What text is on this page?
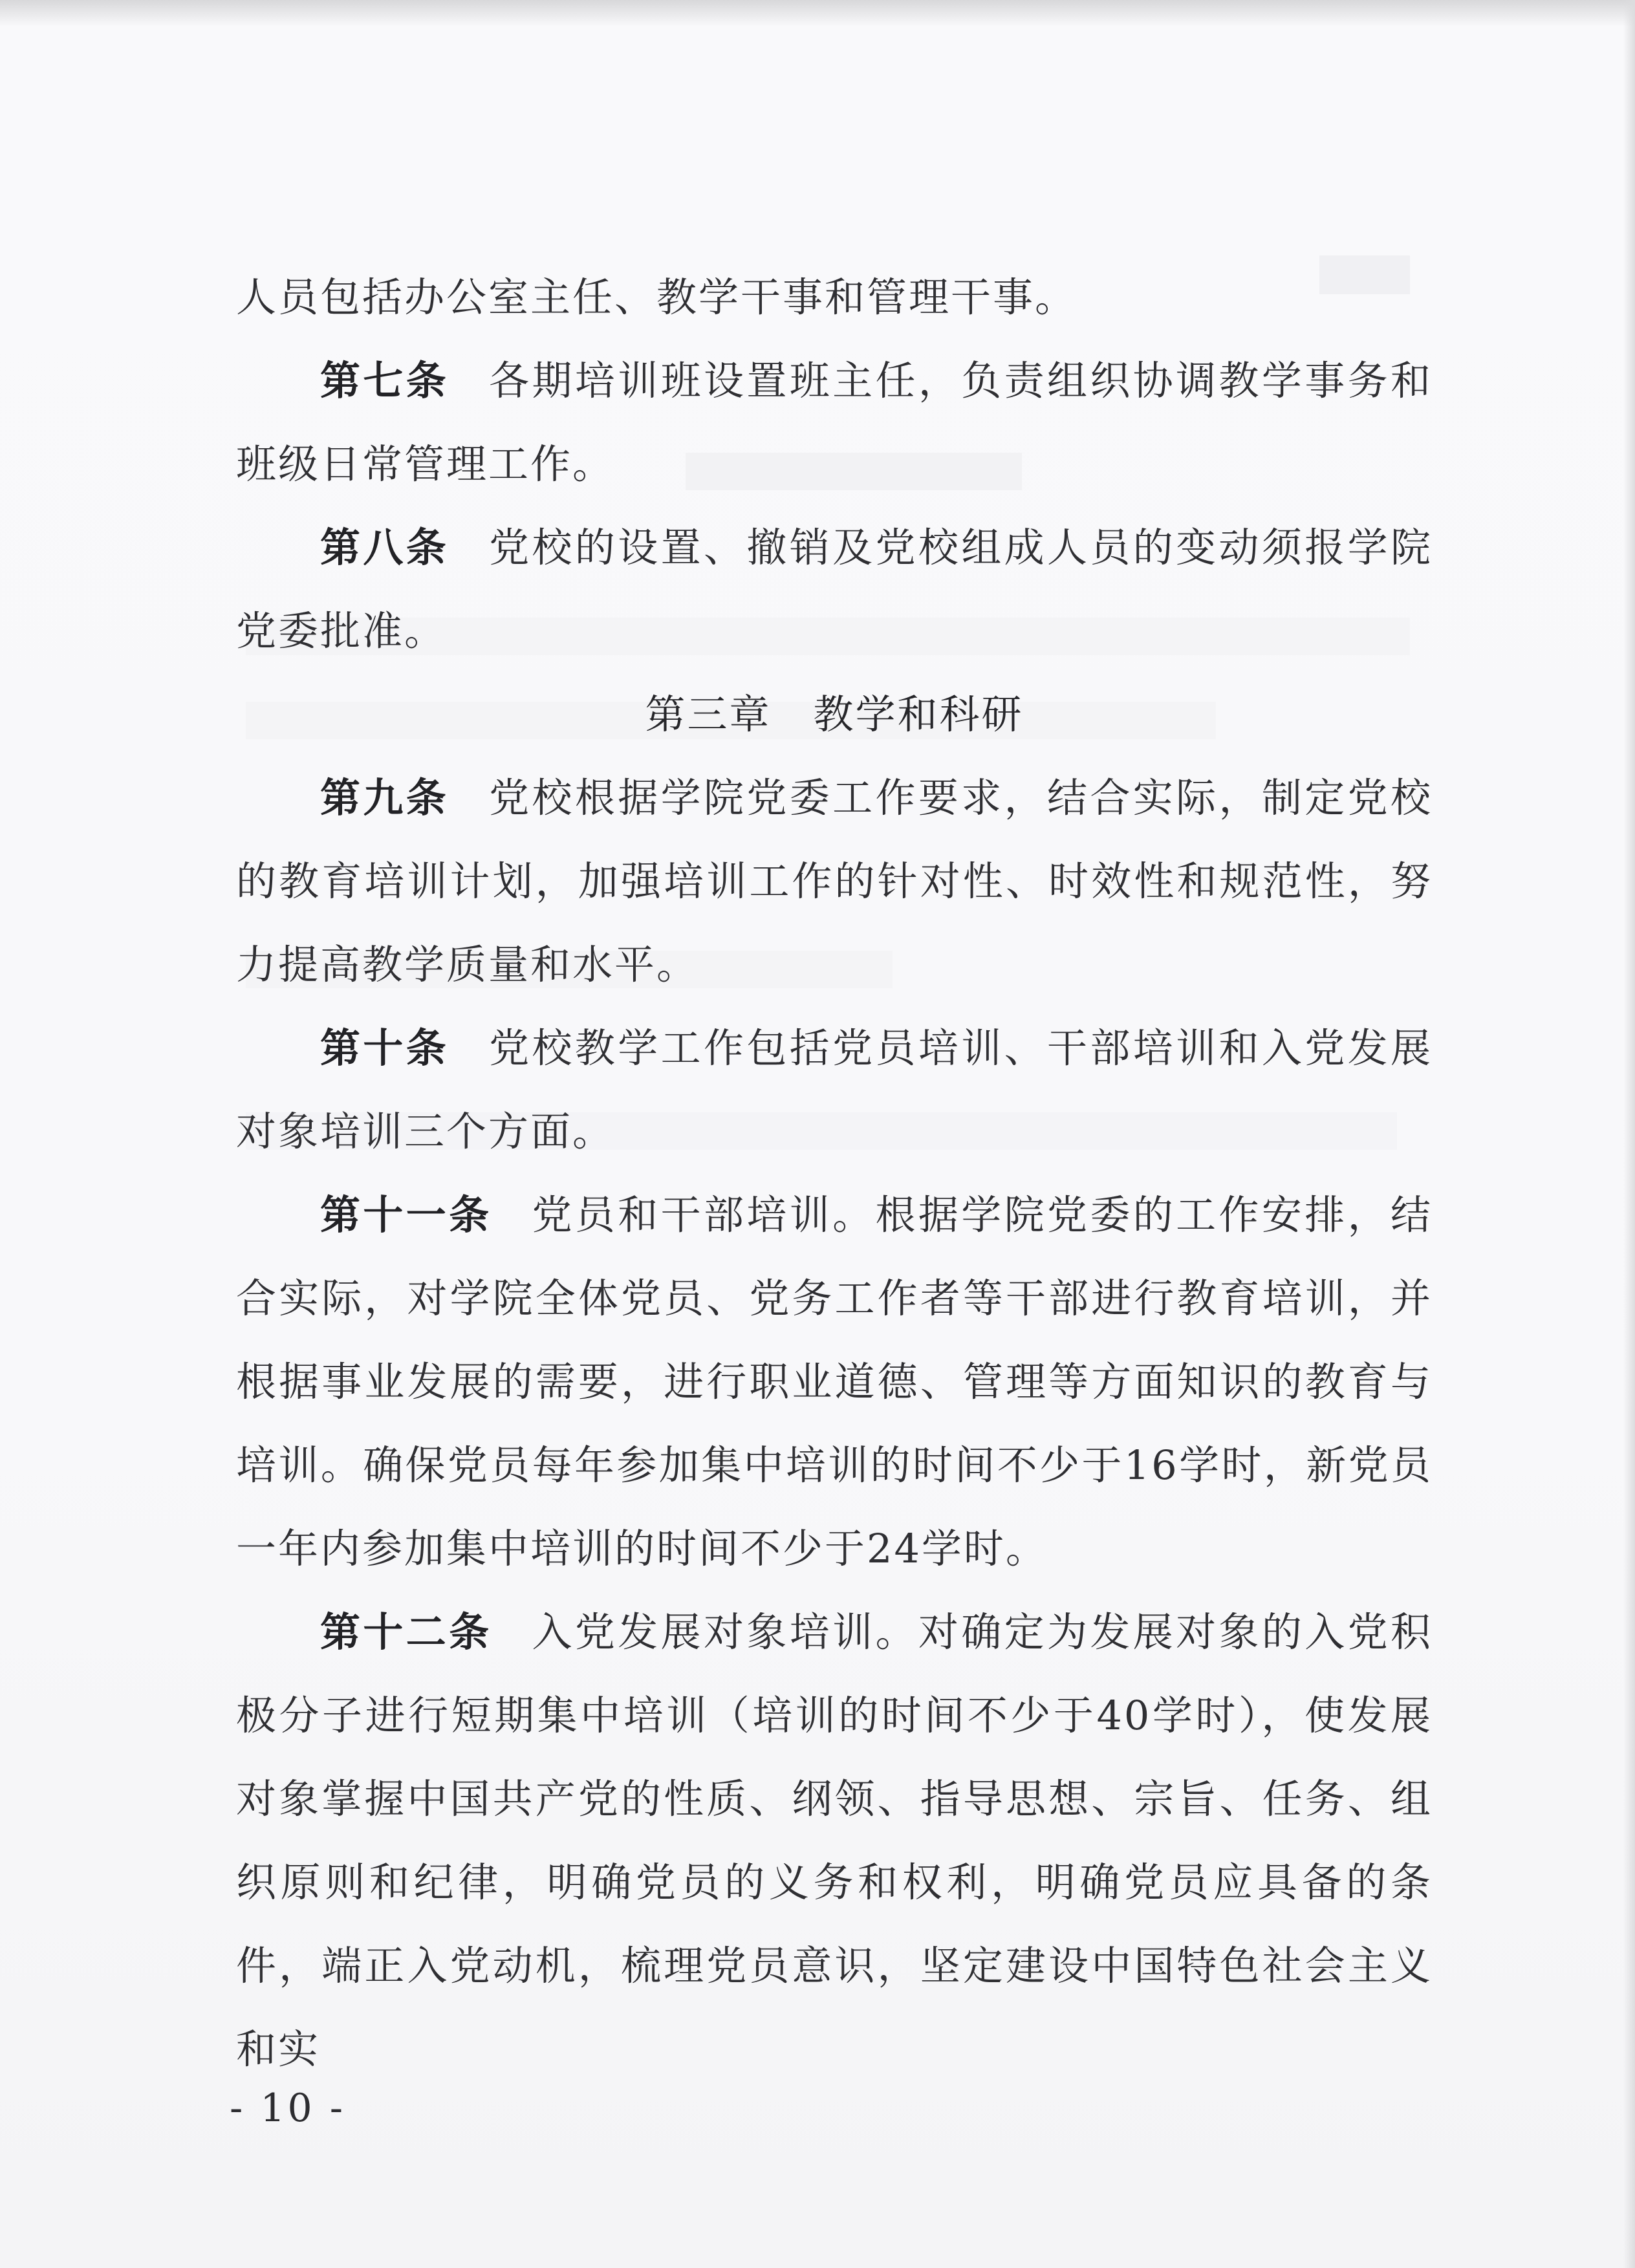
人员包括办公室主任、教学干事和管理干事。

第七条 各期培训班设置班主任，负责组织协调教学事务和班级日常管理工作。

第八条 党校的设置、撤销及党校组成人员的变动须报学院党委批准。

第三章　教学和科研

第九条 党校根据学院党委工作要求，结合实际，制定党校的教育培训计划，加强培训工作的针对性、时效性和规范性，努力提高教学质量和水平。

第十条 党校教学工作包括党员培训、干部培训和入党发展对象培训三个方面。

第十一条 党员和干部培训。根据学院党委的工作安排，结合实际，对学院全体党员、党务工作者等干部进行教育培训，并根据事业发展的需要，进行职业道德、管理等方面知识的教育与培训。确保党员每年参加集中培训的时间不少于16学时，新党员一年内参加集中培训的时间不少于24学时。

第十二条 入党发展对象培训。对确定为发展对象的入党积极分子进行短期集中培训（培训的时间不少于40学时），使发展对象掌握中国共产党的性质、纲领、指导思想、宗旨、任务、组织原则和纪律，明确党员的义务和权利，明确党员应具备的条件，端正入党动机，梳理党员意识，坚定建设中国特色社会主义和实

- 10 -
